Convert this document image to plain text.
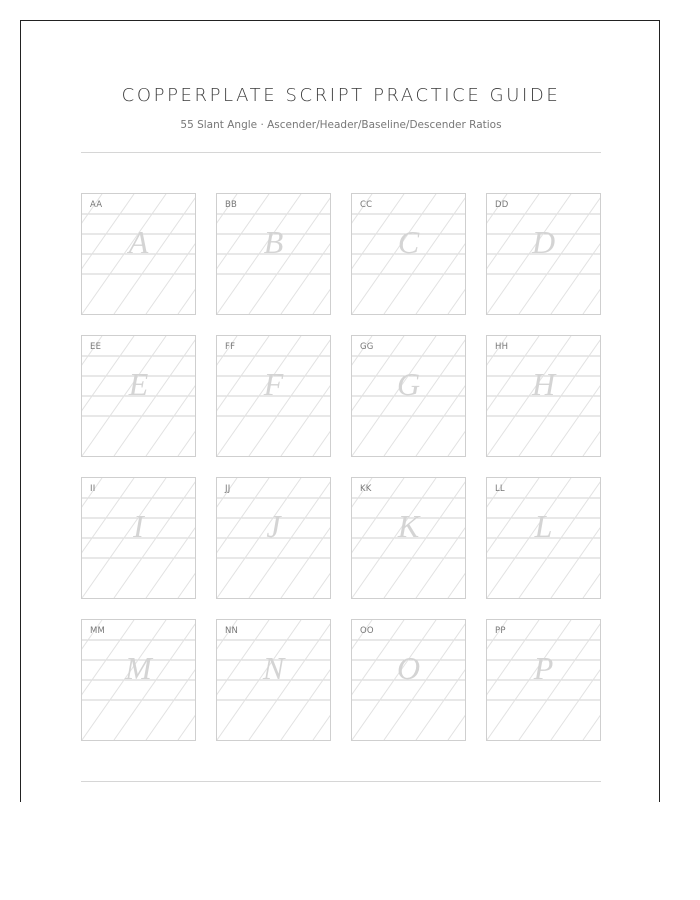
COPPERPLATE SCRIPT PRACTICE GUIDE
55 Slant Angle · Ascender/Header/Baseline/Descender Ratios
AA
A
BB
B
CC
C
DD
D
EE
E
FF
F
GG
G
HH
H
II
I
JJ
J
KK
K
LL
L
MM
M
NN
N
OO
O
PP
P
